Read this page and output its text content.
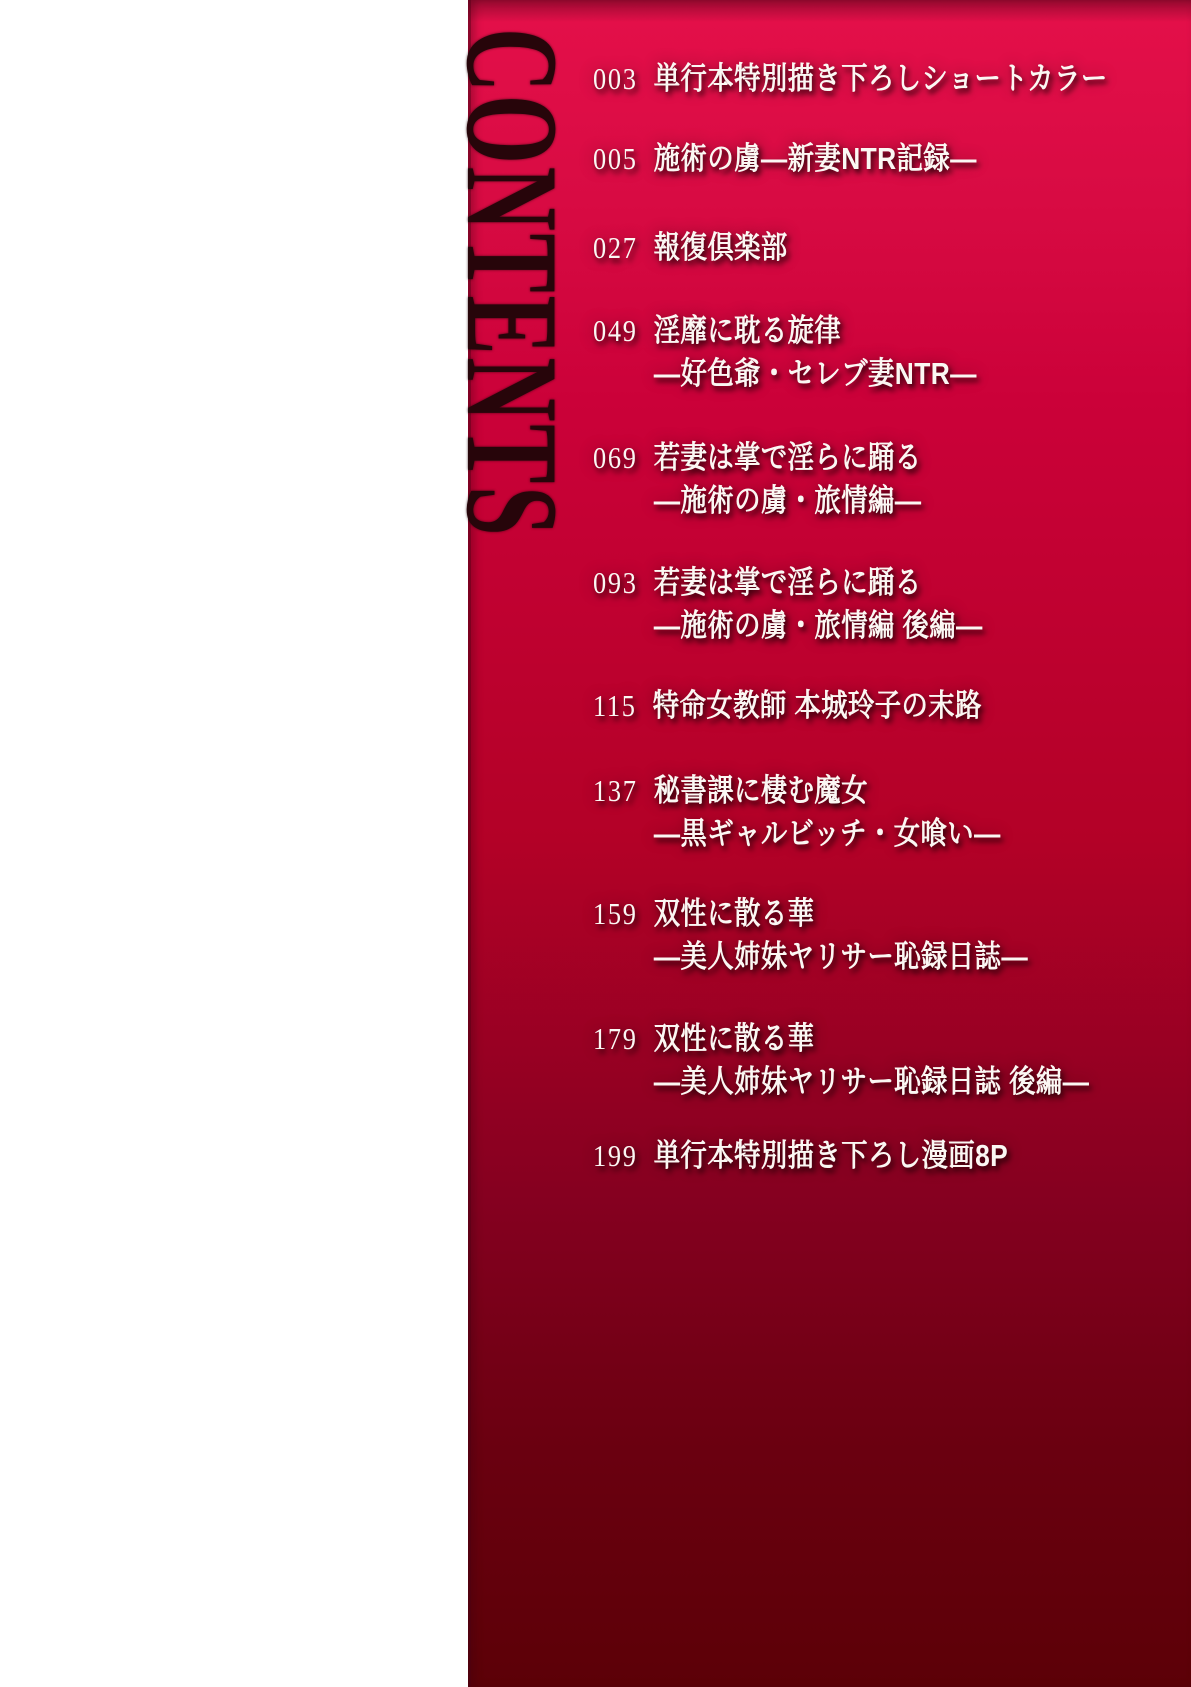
CONTENTS 003 単行本特別描き下ろしショートカラー
005 施術の虜―新妻NTR記録―
027 報復倶楽部
049 淫靡に耽る旋律
―好色爺・セレブ妻NTR―
069 若妻は掌で淫らに踊る
―施術の虜・旅情編―
093 若妻は掌で淫らに踊る
―施術の虜・旅情編 後編―
115 特命女教師 本城玲子の末路
137 秘書課に棲む魔女
―黒ギャルビッチ・女喰い―
159 双性に散る華
―美人姉妹ヤリサー恥録日誌―
179 双性に散る華
―美人姉妹ヤリサー恥録日誌 後編―
199 単行本特別描き下ろし漫画8P
